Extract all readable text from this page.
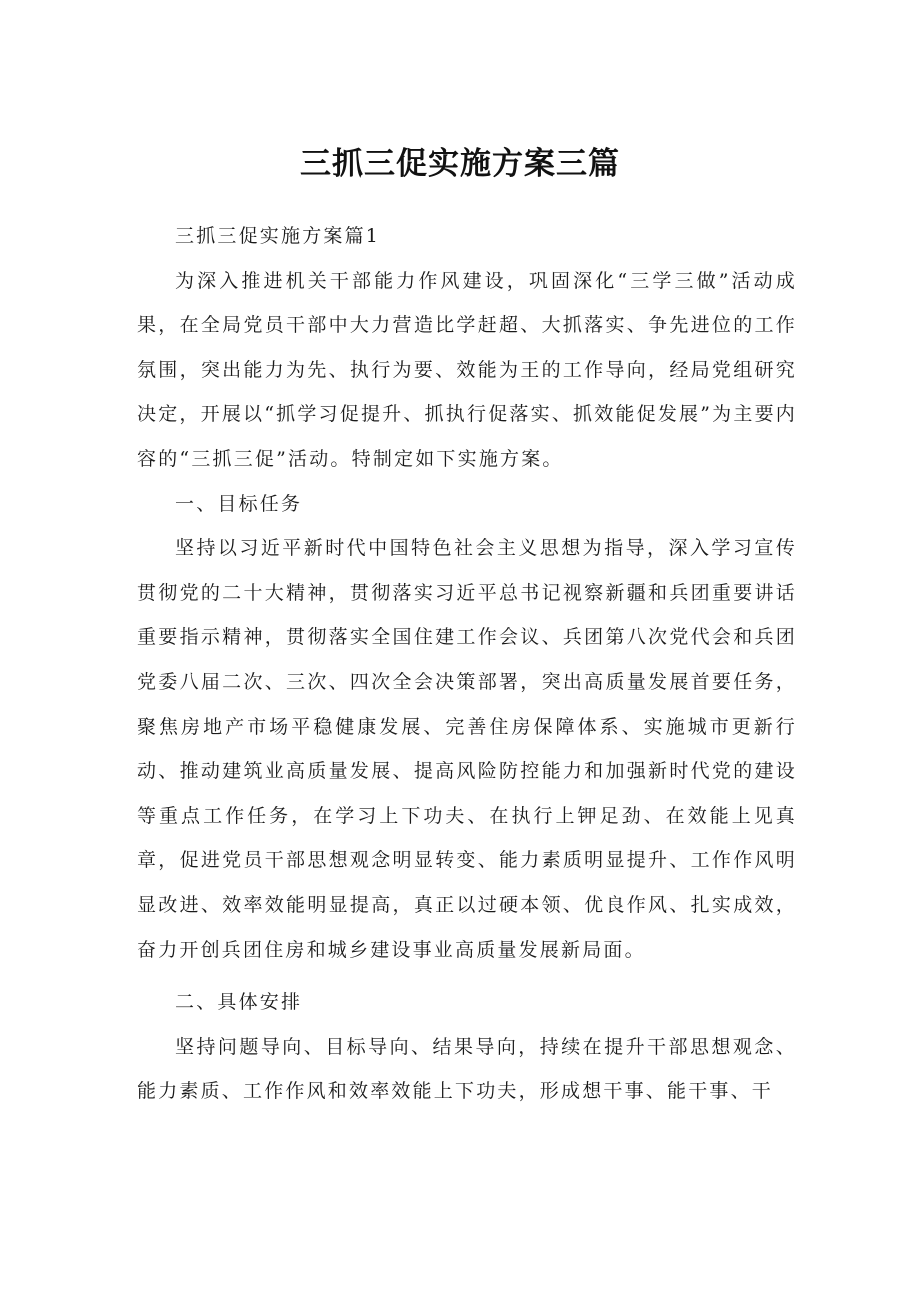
三抓三促实施方案三篇

三抓三促实施方案篇1

为深入推进机关干部能力作风建设，巩固深化“三学三做”活动成果，在全局党员干部中大力营造比学赶超、大抓落实、争先进位的工作氛围，突出能力为先、执行为要、效能为王的工作导向，经局党组研究决定，开展以“抓学习促提升、抓执行促落实、抓效能促发展”为主要内容的“三抓三促”活动。特制定如下实施方案。

一、目标任务

坚持以习近平新时代中国特色社会主义思想为指导，深入学习宣传贯彻党的二十大精神，贯彻落实习近平总书记视察新疆和兵团重要讲话重要指示精神，贯彻落实全国住建工作会议、兵团第八次党代会和兵团党委八届二次、三次、四次全会决策部署，突出高质量发展首要任务，聚焦房地产市场平稳健康发展、完善住房保障体系、实施城市更新行动、推动建筑业高质量发展、提高风险防控能力和加强新时代党的建设等重点工作任务，在学习上下功夫、在执行上钾足劲、在效能上见真章，促进党员干部思想观念明显转变、能力素质明显提升、工作作风明显改进、效率效能明显提高，真正以过硬本领、优良作风、扎实成效，奋力开创兵团住房和城乡建设事业高质量发展新局面。

二、具体安排

坚持问题导向、目标导向、结果导向，持续在提升干部思想观念、能力素质、工作作风和效率效能上下功夫，形成想干事、能干事、干
